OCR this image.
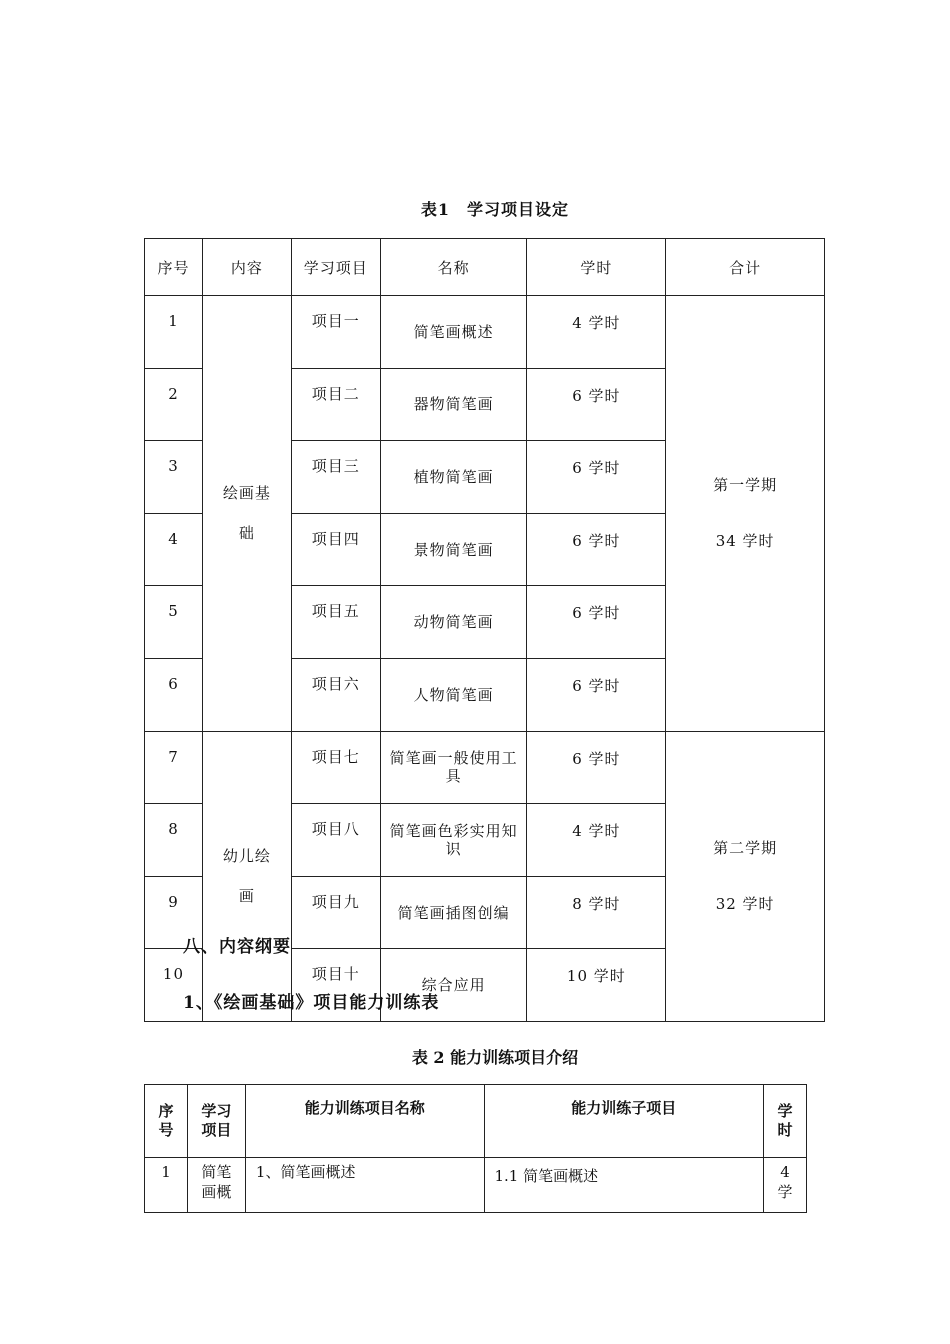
表1　学习项目设定
序号	内容	学习项目	名称	学时	合计
1	绘画基础	项目一	简笔画概述	4 学时	第一学期
34 学时

2		项目二	器物简笔画	6 学时	
3		项目三	植物简笔画	6 学时	
4		项目四	景物简笔画	6 学时	
5		项目五	动物简笔画	6 学时	
6		项目六	人物简笔画	6 学时	
7	幼儿绘画	项目七	简笔画一般使用工具	6 学时	第二学期
32 学时

8		项目八	简笔画色彩实用知识	4 学时	
9		项目九	简笔画插图创编	8 学时	
10		项目十	综合应用	10 学时	
八、内容纲要
1、《绘画基础》项目能力训练表
表 2 能力训练项目介绍
序号	学习项目	能力训练项目名称	能力训练子项目	学时

1	简笔画概	1、简笔画概述	1.1 简笔画概述	4 学
